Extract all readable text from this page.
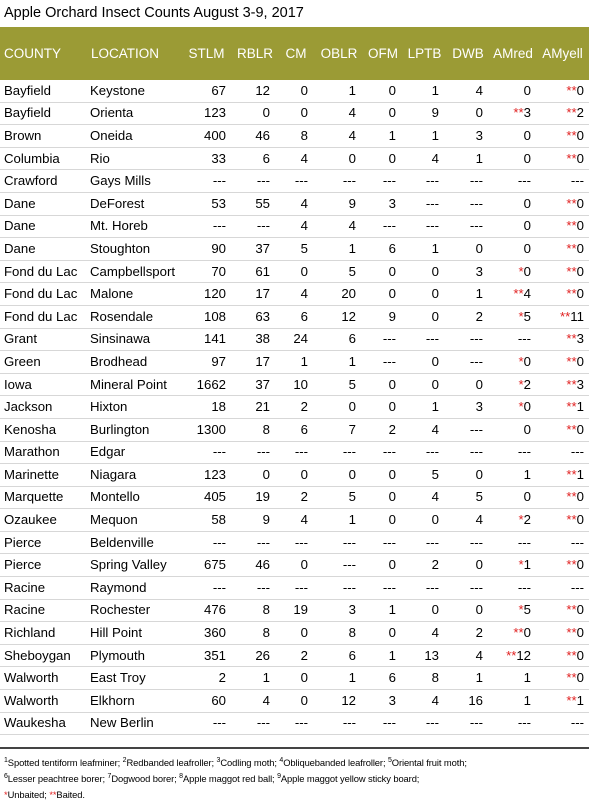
Apple Orchard Insect Counts August 3-9, 2017
COUNTY	LOCATION	STLM	RBLR	CM	OBLR	OFM	LPTB	DWB	AMred	AMyell
Bayfield	Keystone	67	12	0	1	0	1	4	0	**0
Bayfield	Orienta	123	0	0	4	0	9	0	**3	**2
Brown	Oneida	400	46	8	4	1	1	3	0	**0
Columbia	Rio	33	6	4	0	0	4	1	0	**0
Crawford	Gays Mills	---	---	---	---	---	---	---	---	---
Dane	DeForest	53	55	4	9	3	---	---	0	**0
Dane	Mt. Horeb	---	---	4	4	---	---	---	0	**0
Dane	Stoughton	90	37	5	1	6	1	0	0	**0
Fond du Lac	Campbellsport	70	61	0	5	0	0	3	*0	**0
Fond du Lac	Malone	120	17	4	20	0	0	1	**4	**0
Fond du Lac	Rosendale	108	63	6	12	9	0	2	*5	**11
Grant	Sinsinawa	141	38	24	6	---	---	---	---	**3
Green	Brodhead	97	17	1	1	---	0	---	*0	**0
Iowa	Mineral Point	1662	37	10	5	0	0	0	*2	**3
Jackson	Hixton	18	21	2	0	0	1	3	*0	**1
Kenosha	Burlington	1300	8	6	7	2	4	---	0	**0
Marathon	Edgar	---	---	---	---	---	---	---	---	---
Marinette	Niagara	123	0	0	0	0	5	0	1	**1
Marquette	Montello	405	19	2	5	0	4	5	0	**0
Ozaukee	Mequon	58	9	4	1	0	0	4	*2	**0
Pierce	Beldenville	---	---	---	---	---	---	---	---	---
Pierce	Spring Valley	675	46	0	---	0	2	0	*1	**0
Racine	Raymond	---	---	---	---	---	---	---	---	---
Racine	Rochester	476	8	19	3	1	0	0	*5	**0
Richland	Hill Point	360	8	0	8	0	4	2	**0	**0
Sheboygan	Plymouth	351	26	2	6	1	13	4	**12	**0
Walworth	East Troy	2	1	0	1	6	8	1	1	**0
Walworth	Elkhorn	60	4	0	12	3	4	16	1	**1
Waukesha	New Berlin	---	---	---	---	---	---	---	---	---
$^1$Spotted tentiform leafminer; $^2$Redbanded leafroller; $^3$Codling moth; $^4$Obliquebanded leafroller; $^5$Oriental fruit moth;
$^6$Lesser peachtree borer; $^7$Dogwood borer; $^8$Apple maggot red ball; $^9$Apple maggot yellow sticky board;
*Unbaited; **Baited.
